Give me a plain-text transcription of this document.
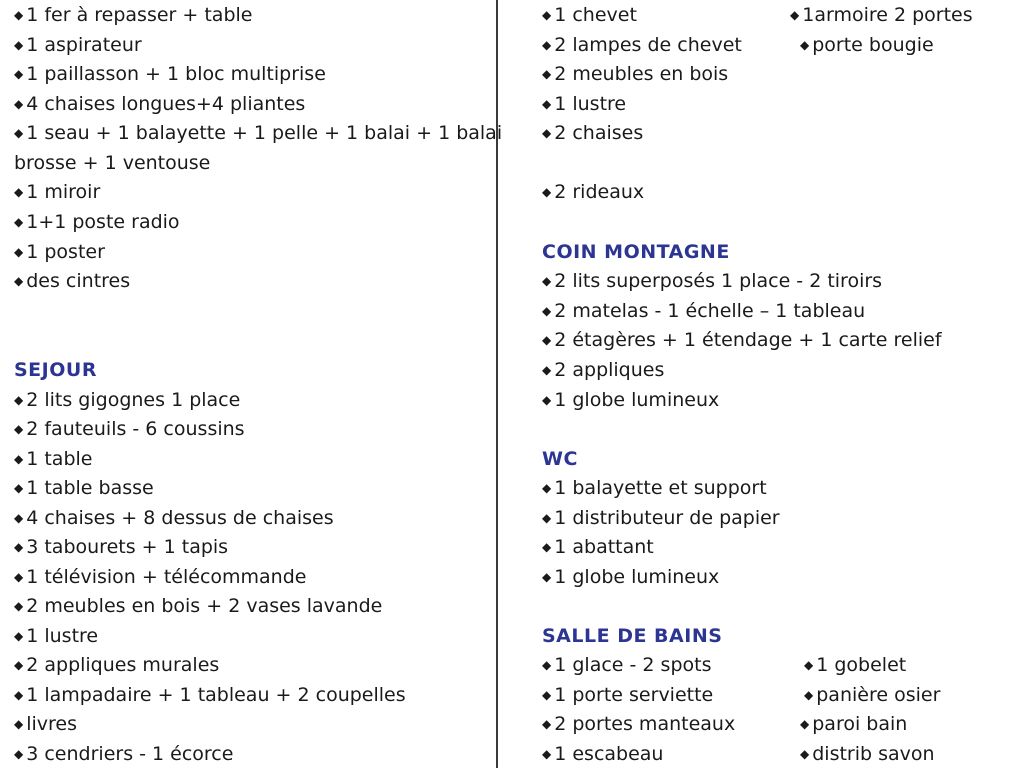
◆ 1 fer à repasser + table
◆ 1 aspirateur
◆ 1 paillasson + 1 bloc multiprise
◆ 4 chaises longues+4 pliantes
◆ 1 seau + 1 balayette + 1 pelle + 1 balai + 1 balai
brosse + 1 ventouse
◆ 1 miroir
◆ 1+1 poste radio
◆ 1 poster
◆ des cintres
SEJOUR
◆ 2 lits gigognes 1 place
◆ 2 fauteuils - 6 coussins
◆ 1 table
◆ 1 table basse
◆ 4 chaises + 8 dessus de chaises
◆ 3 tabourets + 1 tapis
◆ 1 télévision + télécommande
◆ 2 meubles en bois + 2 vases lavande
◆ 1 lustre
◆ 2 appliques murales
◆ 1 lampadaire + 1 tableau + 2 coupelles
◆ livres
◆ 3 cendriers - 1 écorce
◆ 1 chevet
◆ 2 lampes de chevet
◆ 2 meubles en bois
◆ 1 lustre
◆ 2 chaises
◆ 1armoire 2 portes
◆ porte bougie
◆ 2 rideaux
COIN MONTAGNE
◆ 2 lits superposés 1 place - 2 tiroirs
◆ 2 matelas - 1 échelle – 1 tableau
◆ 2 étagères + 1 étendage + 1 carte relief
◆ 2 appliques
◆ 1 globe lumineux
WC
◆ 1 balayette et support
◆ 1 distributeur de papier
◆ 1 abattant
◆ 1 globe lumineux
SALLE DE BAINS
◆ 1 glace - 2 spots
◆ 1 porte serviette
◆ 2 portes manteaux
◆ 1 escabeau
◆ 1 gobelet
◆ panière osier
◆ paroi bain
◆ distrib savon
